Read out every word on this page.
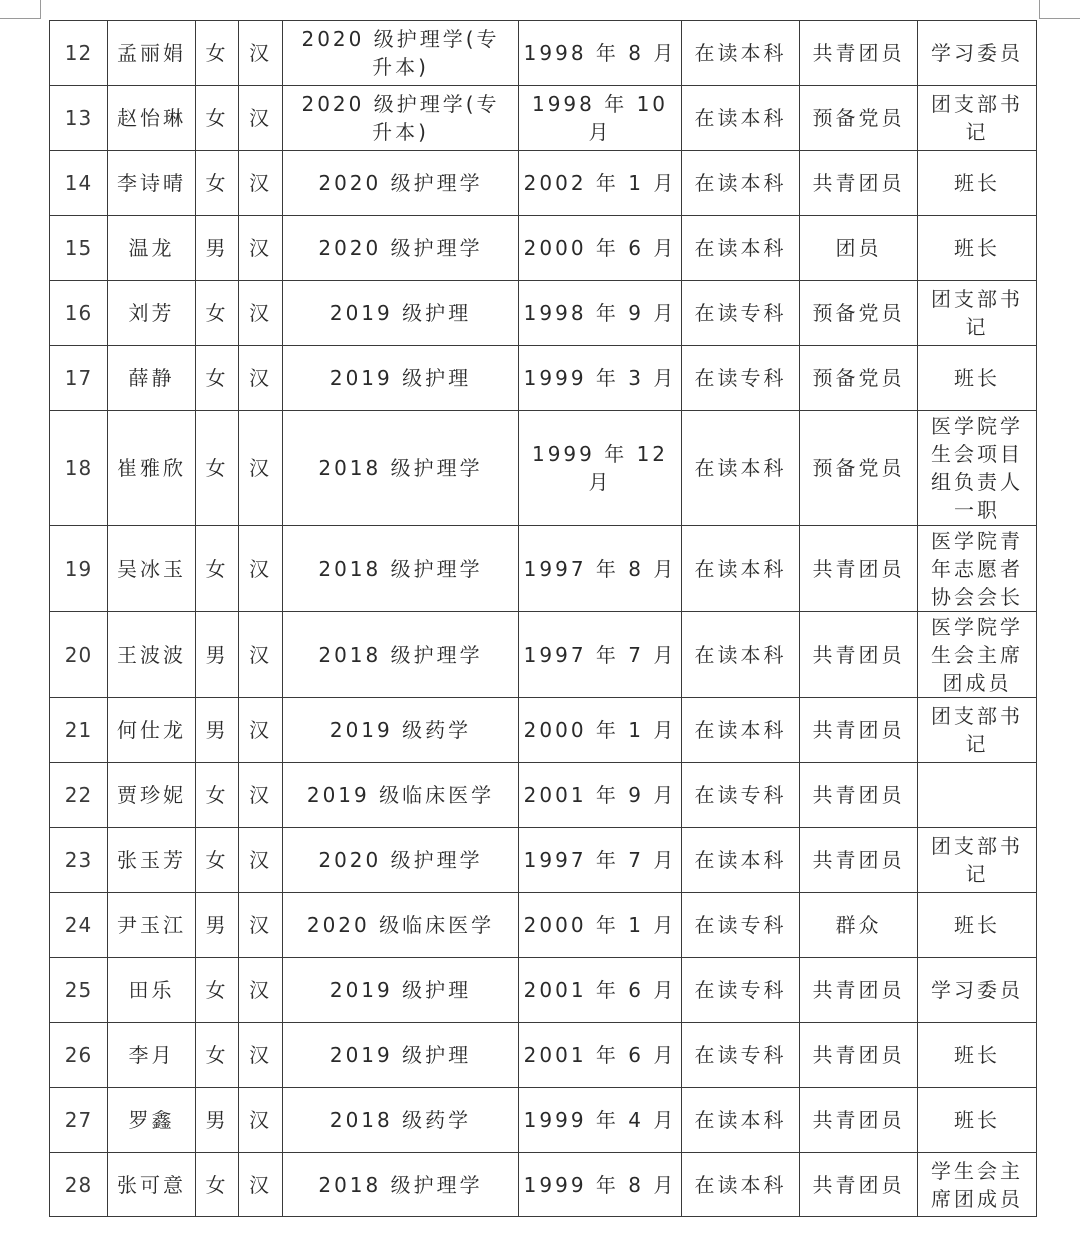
12	孟丽娟	女	汉	2020 级护理学(专升本)	1998 年 8 月	在读本科	共青团员	学习委员
13	赵怡琳	女	汉	2020 级护理学(专升本)	1998 年 10 月	在读本科	预备党员	团支部书记
14	李诗晴	女	汉	2020 级护理学	2002 年 1 月	在读本科	共青团员	班长
15	温龙	男	汉	2020 级护理学	2000 年 6 月	在读本科	团员	班长
16	刘芳	女	汉	2019 级护理	1998 年 9 月	在读专科	预备党员	团支部书记
17	薛静	女	汉	2019 级护理	1999 年 3 月	在读专科	预备党员	班长
18	崔雅欣	女	汉	2018 级护理学	1999 年 12 月	在读本科	预备党员	医学院学生会项目组负责人一职
19	吴冰玉	女	汉	2018 级护理学	1997 年 8 月	在读本科	共青团员	医学院青年志愿者协会会长
20	王波波	男	汉	2018 级护理学	1997 年 7 月	在读本科	共青团员	医学院学生会主席团成员
21	何仕龙	男	汉	2019 级药学	2000 年 1 月	在读本科	共青团员	团支部书记
22	贾珍妮	女	汉	2019 级临床医学	2001 年 9 月	在读专科	共青团员	
23	张玉芳	女	汉	2020 级护理学	1997 年 7 月	在读本科	共青团员	团支部书记
24	尹玉江	男	汉	2020 级临床医学	2000 年 1 月	在读专科	群众	班长
25	田乐	女	汉	2019 级护理	2001 年 6 月	在读专科	共青团员	学习委员
26	李月	女	汉	2019 级护理	2001 年 6 月	在读专科	共青团员	班长
27	罗鑫	男	汉	2018 级药学	1999 年 4 月	在读本科	共青团员	班长
28	张可意	女	汉	2018 级护理学	1999 年 8 月	在读本科	共青团员	学生会主席团成员
